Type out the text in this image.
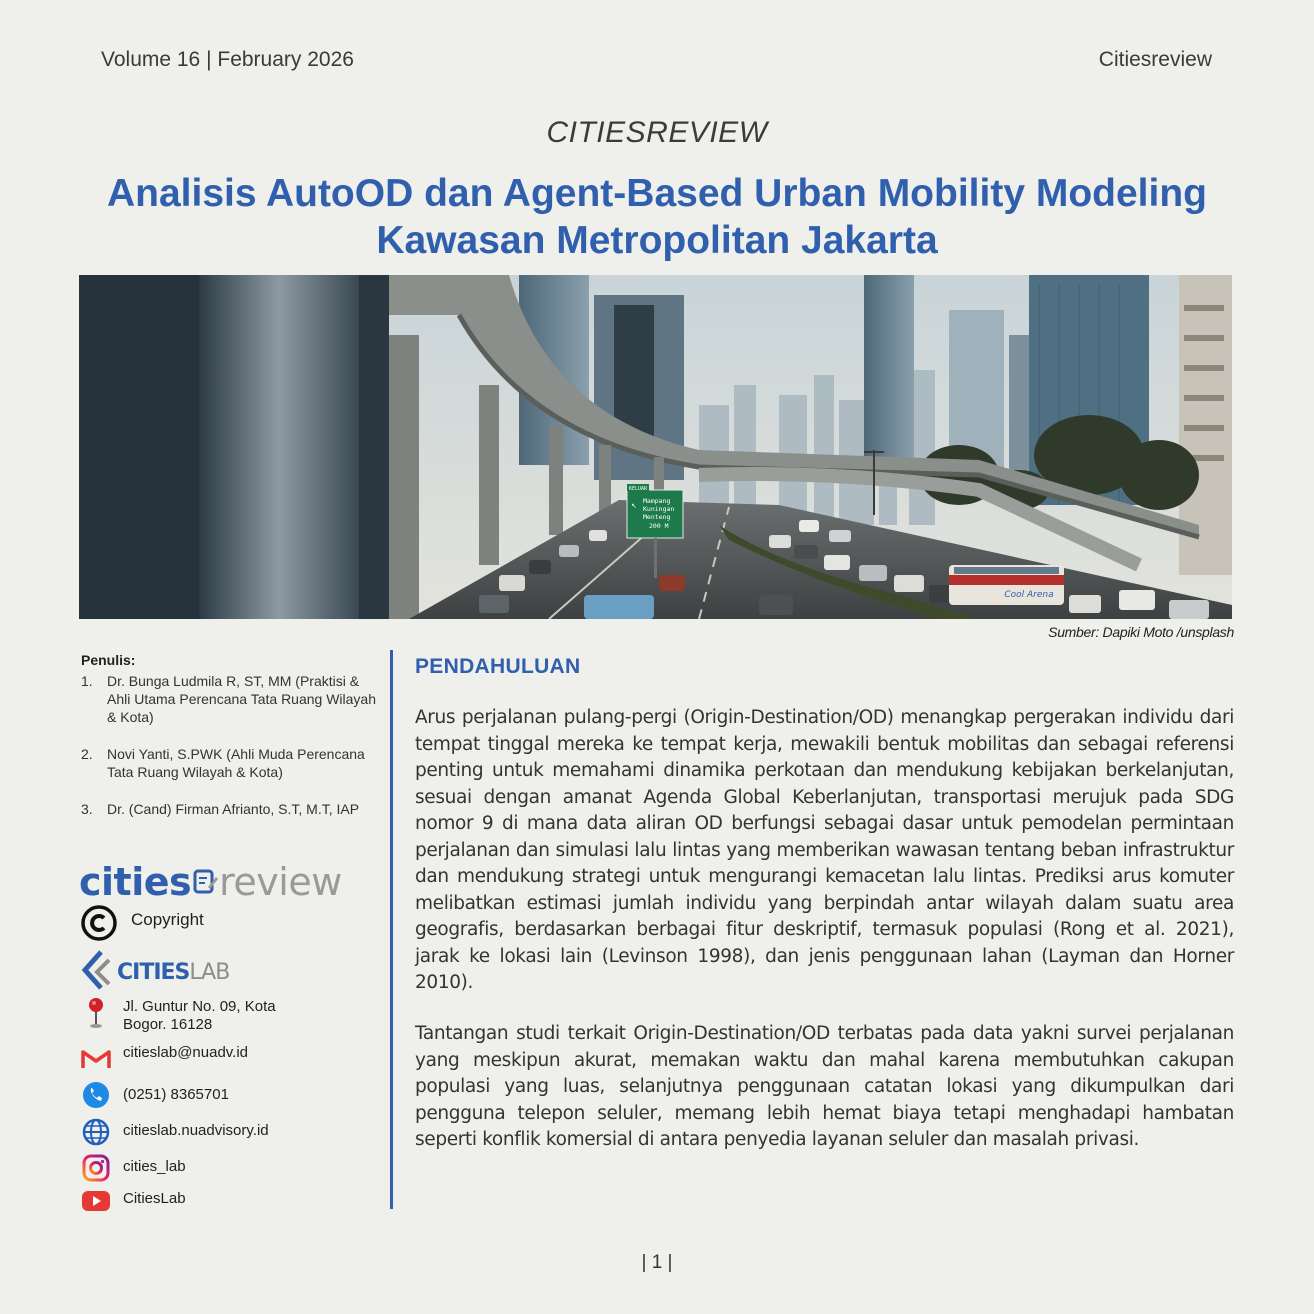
Volume 16 | February 2026	Citiesreview
CITIESREVIEW
Analisis AutoOD dan Agent-Based Urban Mobility Modeling Kawasan Metropolitan Jakarta
Cool Arena
KELUAR
↖
Mampang
Kuningan
Menteng
200 M
Sumber: Dapiki Moto /unsplash
Penulis:
1.	Dr. Bunga Ludmila R, ST, MM (Praktisi & Ahli Utama Perencana Tata Ruang Wilayah & Kota)
2.	Novi Yanti, S.PWK (Ahli Muda Perencana Tata Ruang Wilayah & Kota)
3.	Dr. (Cand) Firman Afrianto, S.T, M.T, IAP
cities review
Copyright
CITIESLAB
Jl. Guntur No. 09, Kota Bogor. 16128
citieslab@nuadv.id
(0251) 8365701
citieslab.nuadvisory.id
cities_lab
CitiesLab
PENDAHULUAN

Arus perjalanan pulang-pergi (Origin-Destination/OD) menangkap pergerakan individu dari tempat tinggal mereka ke tempat kerja, mewakili bentuk mobilitas dan sebagai referensi penting untuk memahami dinamika perkotaan dan mendukung kebijakan berkelanjutan, sesuai dengan amanat Agenda Global Keberlanjutan, transportasi merujuk pada SDG nomor 9 di mana data aliran OD berfungsi sebagai dasar untuk pemodelan permintaan perjalanan dan simulasi lalu lintas yang memberikan wawasan tentang beban infrastruktur dan mendukung strategi untuk mengurangi kemacetan lalu lintas. Prediksi arus komuter melibatkan estimasi jumlah individu yang berpindah antar wilayah dalam suatu area geografis, berdasarkan berbagai fitur deskriptif, termasuk populasi (Rong et al. 2021), jarak ke lokasi lain (Levinson 1998), dan jenis penggunaan lahan (Layman dan Horner 2010).

Tantangan studi terkait Origin-Destination/OD terbatas pada data yakni survei perjalanan yang meskipun akurat, memakan waktu dan mahal karena membutuhkan cakupan populasi yang luas, selanjutnya penggunaan catatan lokasi yang dikumpulkan dari pengguna telepon seluler, memang lebih hemat biaya tetapi menghadapi hambatan seperti konflik komersial di antara penyedia layanan seluler dan masalah privasi.

| 1 |
